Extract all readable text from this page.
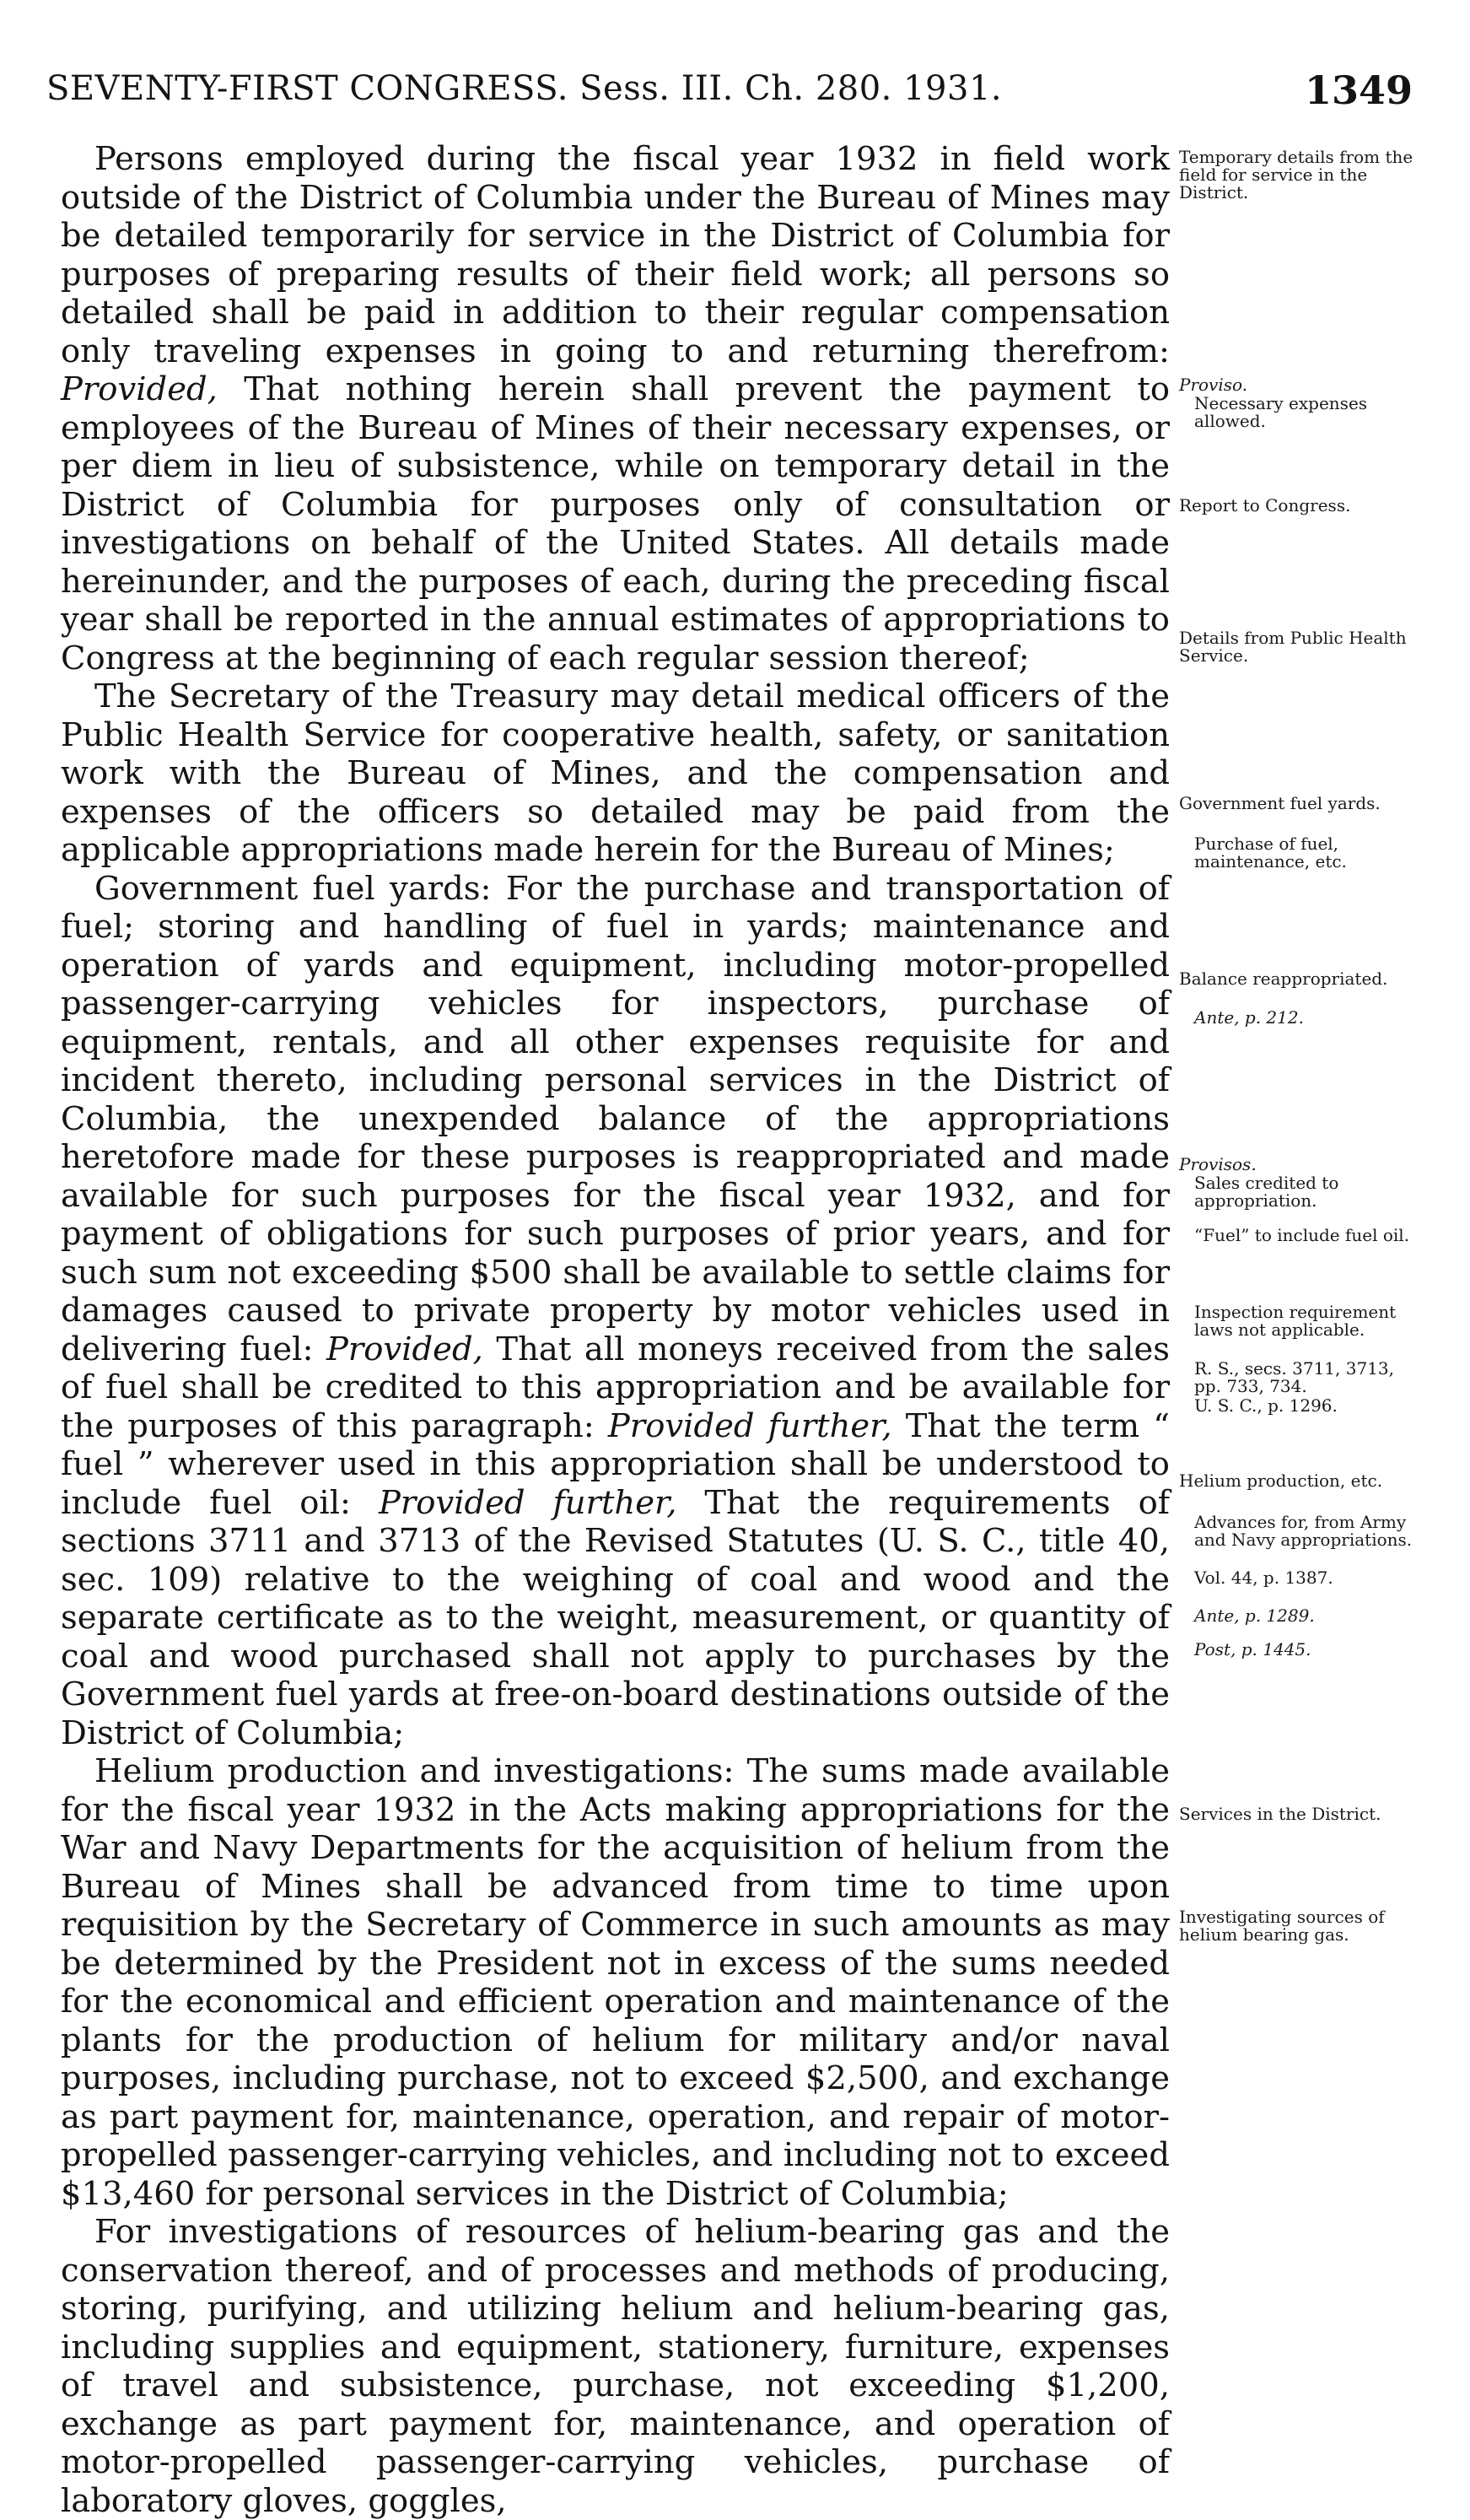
SEVENTY-FIRST CONGRESS. Sess. III. Ch. 280. 1931.	1349

Persons employed during the fiscal year 1932 in field work outside of the District of Columbia under the Bureau of Mines may be detailed temporarily for service in the District of Columbia for purposes of preparing results of their field work; all persons so detailed shall be paid in addition to their regular compensation only traveling expenses in going to and returning therefrom: Provided, That nothing herein shall prevent the payment to employees of the Bureau of Mines of their necessary expenses, or per diem in lieu of subsistence, while on temporary detail in the District of Columbia for purposes only of consultation or investigations on behalf of the United States. All details made hereinunder, and the purposes of each, during the preceding fiscal year shall be reported in the annual estimates of appropriations to Congress at the beginning of each regular session thereof;

The Secretary of the Treasury may detail medical officers of the Public Health Service for cooperative health, safety, or sanitation work with the Bureau of Mines, and the compensation and expenses of the officers so detailed may be paid from the applicable appropriations made herein for the Bureau of Mines;

Government fuel yards: For the purchase and transportation of fuel; storing and handling of fuel in yards; maintenance and operation of yards and equipment, including motor-propelled passenger-carrying vehicles for inspectors, purchase of equipment, rentals, and all other expenses requisite for and incident thereto, including personal services in the District of Columbia, the unexpended balance of the appropriations heretofore made for these purposes is reappropriated and made available for such purposes for the fiscal year 1932, and for payment of obligations for such purposes of prior years, and for such sum not exceeding $500 shall be available to settle claims for damages caused to private property by motor vehicles used in delivering fuel: Provided, That all moneys received from the sales of fuel shall be credited to this appropriation and be available for the purposes of this paragraph: Provided further, That the term “ fuel ” wherever used in this appropriation shall be understood to include fuel oil: Provided further, That the requirements of sections 3711 and 3713 of the Revised Statutes (U. S. C., title 40, sec. 109) relative to the weighing of coal and wood and the separate certificate as to the weight, measurement, or quantity of coal and wood purchased shall not apply to purchases by the Government fuel yards at free-on-board destinations outside of the District of Columbia;

Helium production and investigations: The sums made available for the fiscal year 1932 in the Acts making appropriations for the War and Navy Departments for the acquisition of helium from the Bureau of Mines shall be advanced from time to time upon requisition by the Secretary of Commerce in such amounts as may be determined by the President not in excess of the sums needed for the economical and efficient operation and maintenance of the plants for the production of helium for military and/or naval purposes, including purchase, not to exceed $2,500, and exchange as part payment for, maintenance, operation, and repair of motor-propelled passenger-carrying vehicles, and including not to exceed $13,460 for personal services in the District of Columbia;

For investigations of resources of helium-bearing gas and the conservation thereof, and of processes and methods of producing, storing, purifying, and utilizing helium and helium-bearing gas, including supplies and equipment, stationery, furniture, expenses of travel and subsistence, purchase, not exceeding $1,200, exchange as part payment for, maintenance, and operation of motor-propelled passenger-carrying vehicles, purchase of laboratory gloves, goggles,

Temporary details from the field for service in the District.
Proviso.
Necessary expenses allowed.
Report to Congress.
Details from Public Health Service.
Government fuel yards.
Purchase of fuel, maintenance, etc.
Balance reappropriated.
Ante, p. 212.
Provisos.
Sales credited to appropriation.
“Fuel” to include fuel oil.
Inspection requirement laws not applicable.
R. S., secs. 3711, 3713, pp. 733, 734.
U. S. C., p. 1296.
Helium production, etc.
Advances for, from Army and Navy appropriations.
Vol. 44, p. 1387.
Ante, p. 1289.
Post, p. 1445.
Services in the District.
Investigating sources of helium bearing gas.
